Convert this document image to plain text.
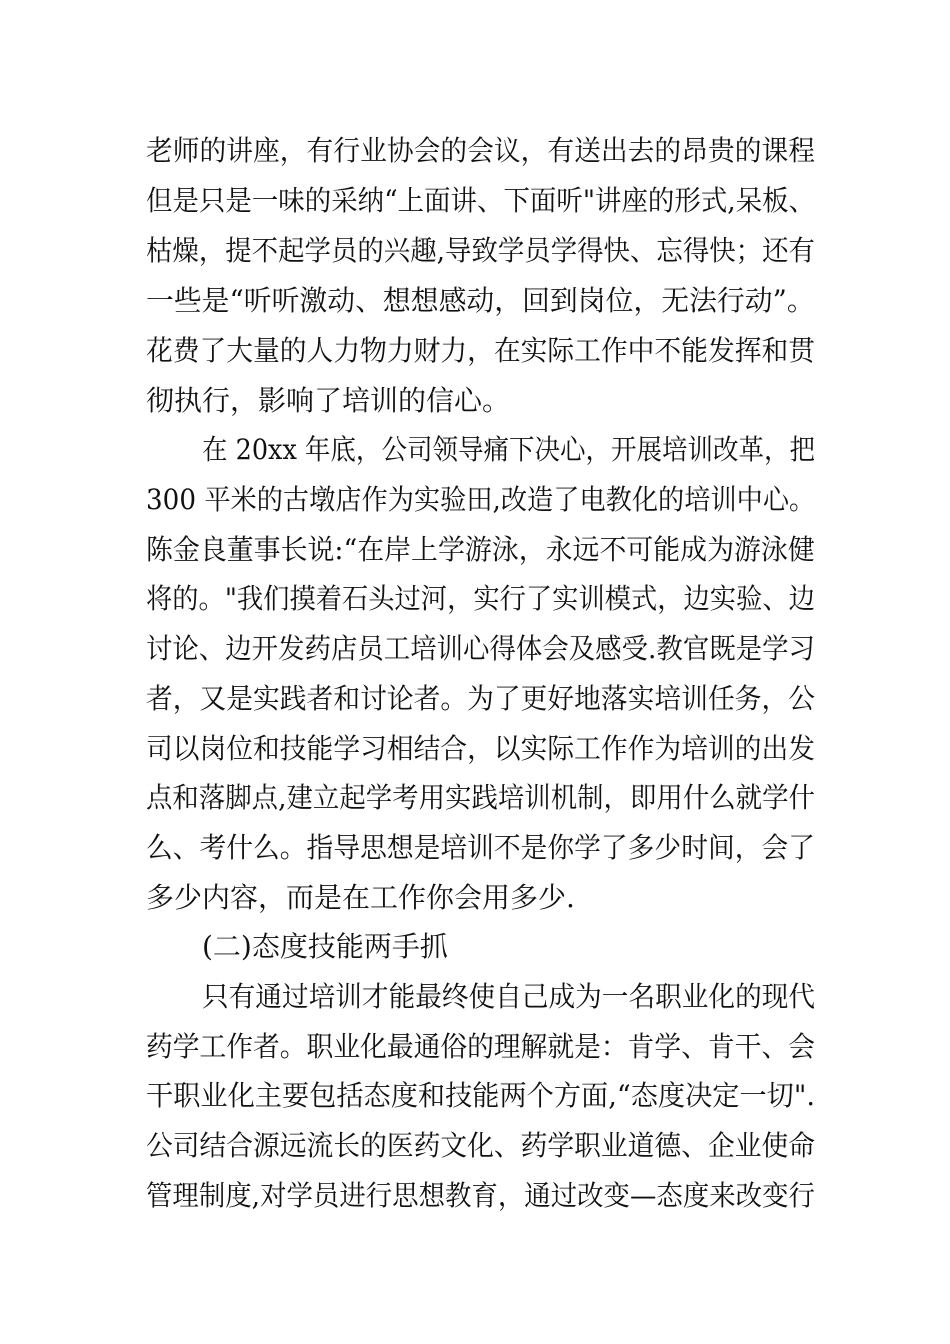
老师的讲座，有行业协会的会议，有送出去的昂贵的课程

但是只是一味的采纳“上面讲、下面听"讲座的形式,呆板、

枯燥，提不起学员的兴趣,导致学员学得快、忘得快；还有

一些是“听听激动、想想感动，回到岗位，无法行动”。

花费了大量的人力物力财力，在实际工作中不能发挥和贯

彻执行，影响了培训的信心。

在 20xx 年底，公司领导痛下决心，开展培训改革，把

300 平米的古墩店作为实验田,改造了电教化的培训中心。

陈金良董事长说:“在岸上学游泳，永远不可能成为游泳健

将的。"我们摸着石头过河，实行了实训模式，边实验、边

讨论、边开发药店员工培训心得体会及感受.教官既是学习

者，又是实践者和讨论者。为了更好地落实培训任务，公

司以岗位和技能学习相结合，以实际工作作为培训的出发

点和落脚点,建立起学考用实践培训机制，即用什么就学什

么、考什么。指导思想是培训不是你学了多少时间，会了

多少内容，而是在工作你会用多少.

(二)态度技能两手抓

只有通过培训才能最终使自己成为一名职业化的现代

药学工作者。职业化最通俗的理解就是：肯学、肯干、会

干职业化主要包括态度和技能两个方面,“态度决定一切".

公司结合源远流长的医药文化、药学职业道德、企业使命

管理制度,对学员进行思想教育，通过改变—态度来改变行
